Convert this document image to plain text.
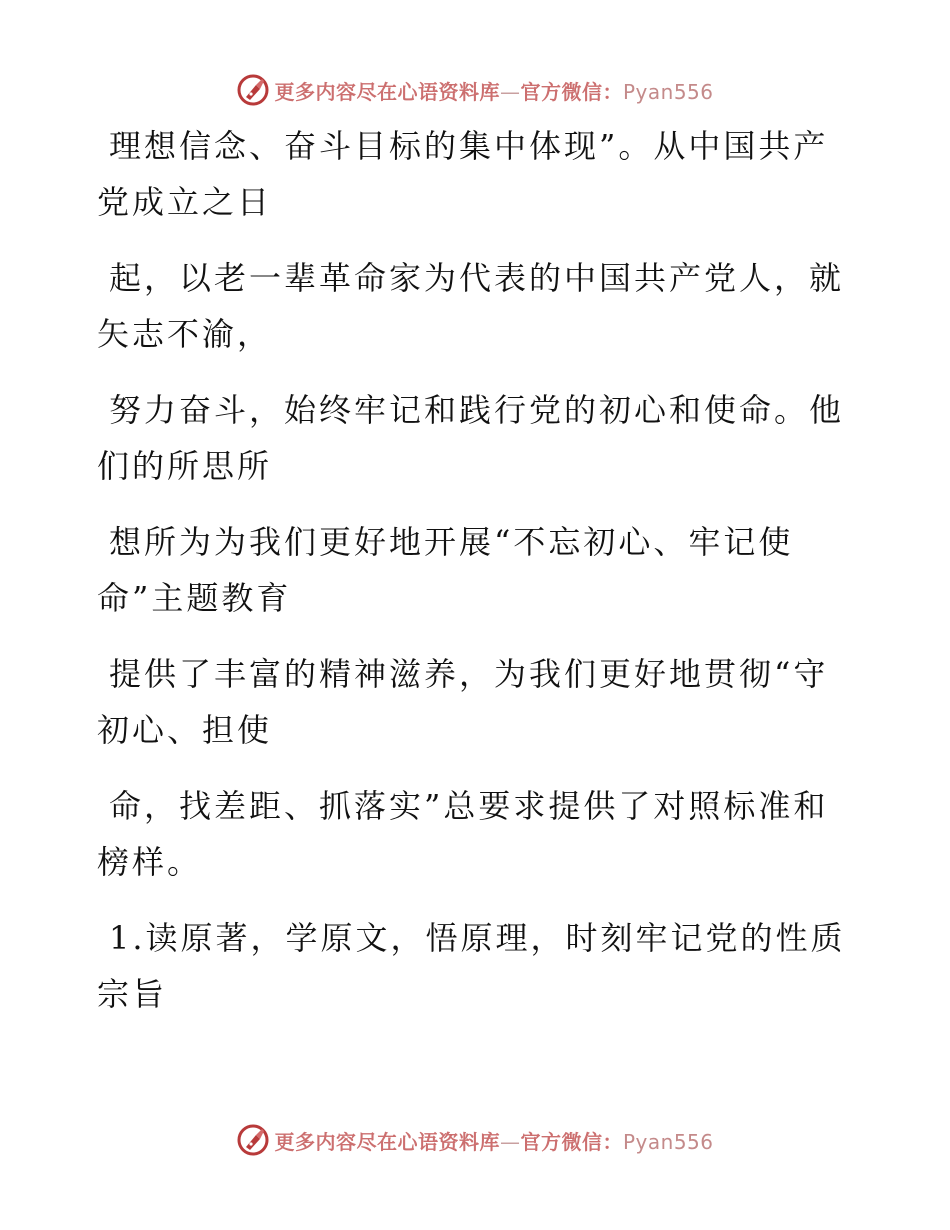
更多内容尽在心语资料库—官方微信：Pyan556

理想信念、奋斗目标的集中体现”。从中国共产
党成立之日

起，以老一辈革命家为代表的中国共产党人，就
矢志不渝，

努力奋斗，始终牢记和践行党的初心和使命。他
们的所思所

想所为为我们更好地开展“不忘初心、牢记使
命”主题教育

提供了丰富的精神滋养，为我们更好地贯彻“守
初心、担使

命，找差距、抓落实”总要求提供了对照标准和
榜样。

1.读原著，学原文，悟原理，时刻牢记党的性质
宗旨

更多内容尽在心语资料库—官方微信：Pyan556
